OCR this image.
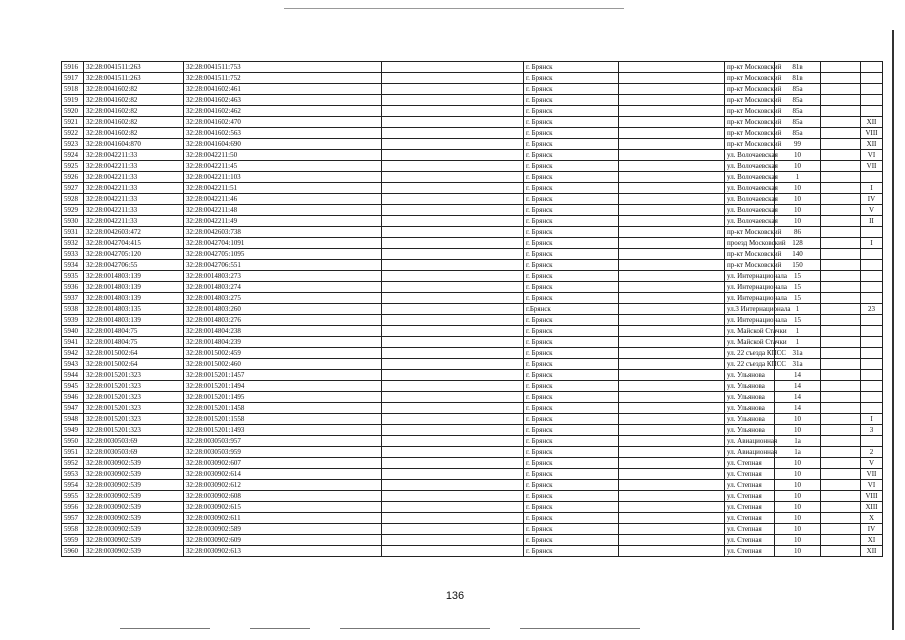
5916	32:28:0041511:263	32:28:0041511:753		г. Брянск		пр-кт Московский	81в		
5917	32:28:0041511:263	32:28:0041511:752		г. Брянск		пр-кт Московский	81в		
5918	32:28:0041602:82	32:28:0041602:461		г. Брянск		пр-кт Московский	85а		
5919	32:28:0041602:82	32:28:0041602:463		г. Брянск		пр-кт Московский	85а		
5920	32:28:0041602:82	32:28:0041602:462		г. Брянск		пр-кт Московский	85а		
5921	32:28:0041602:82	32:28:0041602:470		г. Брянск		пр-кт Московский	85а		XII
5922	32:28:0041602:82	32:28:0041602:563		г. Брянск		пр-кт Московский	85а		VIII
5923	32:28:0041604:870	32:28:0041604:690		г. Брянск		пр-кт Московский	99		XII
5924	32:28:0042211:33	32:28:0042211:50		г. Брянск		ул. Волочаевская	10		VI
5925	32:28:0042211:33	32:28:0042211:45		г. Брянск		ул. Волочаевская	10		VII
5926	32:28:0042211:33	32:28:0042211:103		г. Брянск		ул. Волочаевская	1		
5927	32:28:0042211:33	32:28:0042211:51		г. Брянск		ул. Волочаевская	10		I
5928	32:28:0042211:33	32:28:0042211:46		г. Брянск		ул. Волочаевская	10		IV
5929	32:28:0042211:33	32:28:0042211:48		г. Брянск		ул. Волочаевская	10		V
5930	32:28:0042211:33	32:28:0042211:49		г. Брянск		ул. Волочаевская	10		II
5931	32:28:0042603:472	32:28:0042603:738		г. Брянск		пр-кт Московский	86		
5932	32:28:0042704:415	32:28:0042704:1091		г. Брянск		проезд Московский	128		I
5933	32:28:0042705:120	32:28:0042705:1095		г. Брянск		пр-кт Московский	140		
5934	32:28:0042706:55	32:28:0042706:551		г. Брянск		пр-кт Московский	150		
5935	32:28:0014803:139	32:28:0014803:273		г. Брянск		ул. Интернационала	15		
5936	32:28:0014803:139	32:28:0014803:274		г. Брянск		ул. Интернационала	15		
5937	32:28:0014803:139	32:28:0014803:275		г. Брянск		ул. Интернационала	15		
5938	32:28:0014803:135	32:28:0014803:260		г.Брянск		ул.3 Интернационала	1		23
5939	32:28:0014803:139	32:28:0014803:276		г. Брянск		ул. Интернационала	15		
5940	32:28:0014804:75	32:28:0014804:238		г. Брянск		ул. Майской Стачки	1		
5941	32:28:0014804:75	32:28:0014804:239		г. Брянск		ул. Майской Стачки	1		
5942	32:28:0015002:64	32:28:0015002:459		г. Брянск		ул. 22 съезда КПСС	31а		
5943	32:28:0015002:64	32:28:0015002:460		г. Брянск		ул. 22 съезда КПСС	31а		
5944	32:28:0015201:323	32:28:0015201:1457		г. Брянск		ул. Ульянова	14		
5945	32:28:0015201:323	32:28:0015201:1494		г. Брянск		ул. Ульянова	14		
5946	32:28:0015201:323	32:28:0015201:1495		г. Брянск		ул. Ульянова	14		
5947	32:28:0015201:323	32:28:0015201:1458		г. Брянск		ул. Ульянова	14		
5948	32:28:0015201:323	32:28:0015201:1558		г. Брянск		ул. Ульянова	10		I
5949	32:28:0015201:323	32:28:0015201:1493		г. Брянск		ул. Ульянова	10		3
5950	32:28:0030503:69	32:28:0030503:957		г. Брянск		ул. Авиационная	1а		
5951	32:28:0030503:69	32:28:0030503:959		г. Брянск		ул. Авиационная	1а		2
5952	32:28:0030902:539	32:28:0030902:607		г. Брянск		ул. Степная	10		V
5953	32:28:0030902:539	32:28:0030902:614		г. Брянск		ул. Степная	10		VII
5954	32:28:0030902:539	32:28:0030902:612		г. Брянск		ул. Степная	10		VI
5955	32:28:0030902:539	32:28:0030902:608		г. Брянск		ул. Степная	10		VIII
5956	32:28:0030902:539	32:28:0030902:615		г. Брянск		ул. Степная	10		XIII
5957	32:28:0030902:539	32:28:0030902:611		г. Брянск		ул. Степная	10		X
5958	32:28:0030902:539	32:28:0030902:589		г. Брянск		ул. Степная	10		IV
5959	32:28:0030902:539	32:28:0030902:609		г. Брянск		ул. Степная	10		XI
5960	32:28:0030902:539	32:28:0030902:613		г. Брянск		ул. Степная	10		XII
136
